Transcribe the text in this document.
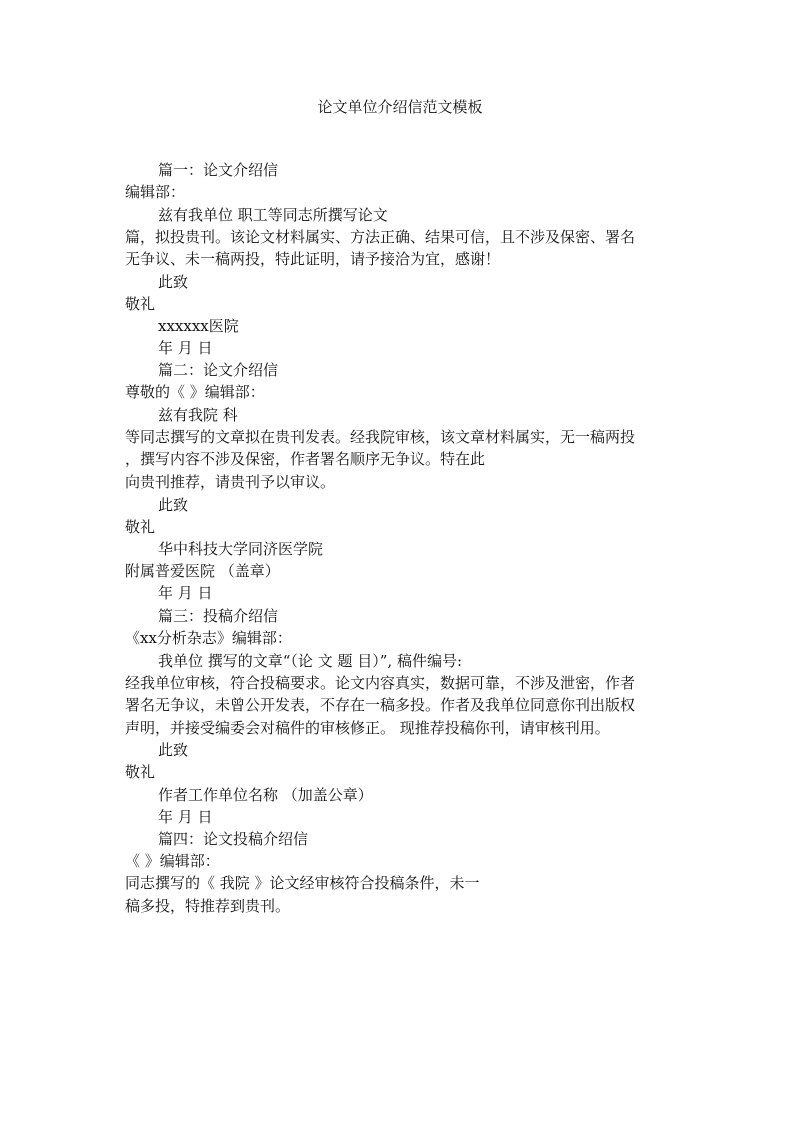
论文单位介绍信范文模板
篇一：论文介绍信
编辑部：
兹有我单位 职工等同志所撰写论文
篇，拟投贵刊。该论文材料属实、方法正确、结果可信，且不涉及保密、署名
无争议、未一稿两投，特此证明，请予接洽为宜，感谢！
此致
敬礼
xxxxxx医院
年 月 日
篇二：论文介绍信
尊敬的《 》编辑部：
兹有我院 科
等同志撰写的文章拟在贵刊发表。经我院审核，该文章材料属实，无一稿两投
，撰写内容不涉及保密，作者署名顺序无争议。特在此
向贵刊推荐，请贵刊予以审议。
此致
敬礼
华中科技大学同济医学院
附属普爱医院 （盖章）
年 月 日
篇三：投稿介绍信
《xx分析杂志》编辑部：
我单位 撰写的文章“（论 文 题 目）”, 稿件编号:
经我单位审核，符合投稿要求。论文内容真实，数据可靠，不涉及泄密，作者
署名无争议，未曾公开发表，不存在一稿多投。作者及我单位同意你刊出版权
声明，并接受编委会对稿件的审核修正。 现推荐投稿你刊，请审核刊用。
此致
敬礼
作者工作单位名称 （加盖公章）
年 月 日
篇四：论文投稿介绍信
《 》编辑部：
同志撰写的《 我院 》论文经审核符合投稿条件，未一
稿多投，特推荐到贵刊。
